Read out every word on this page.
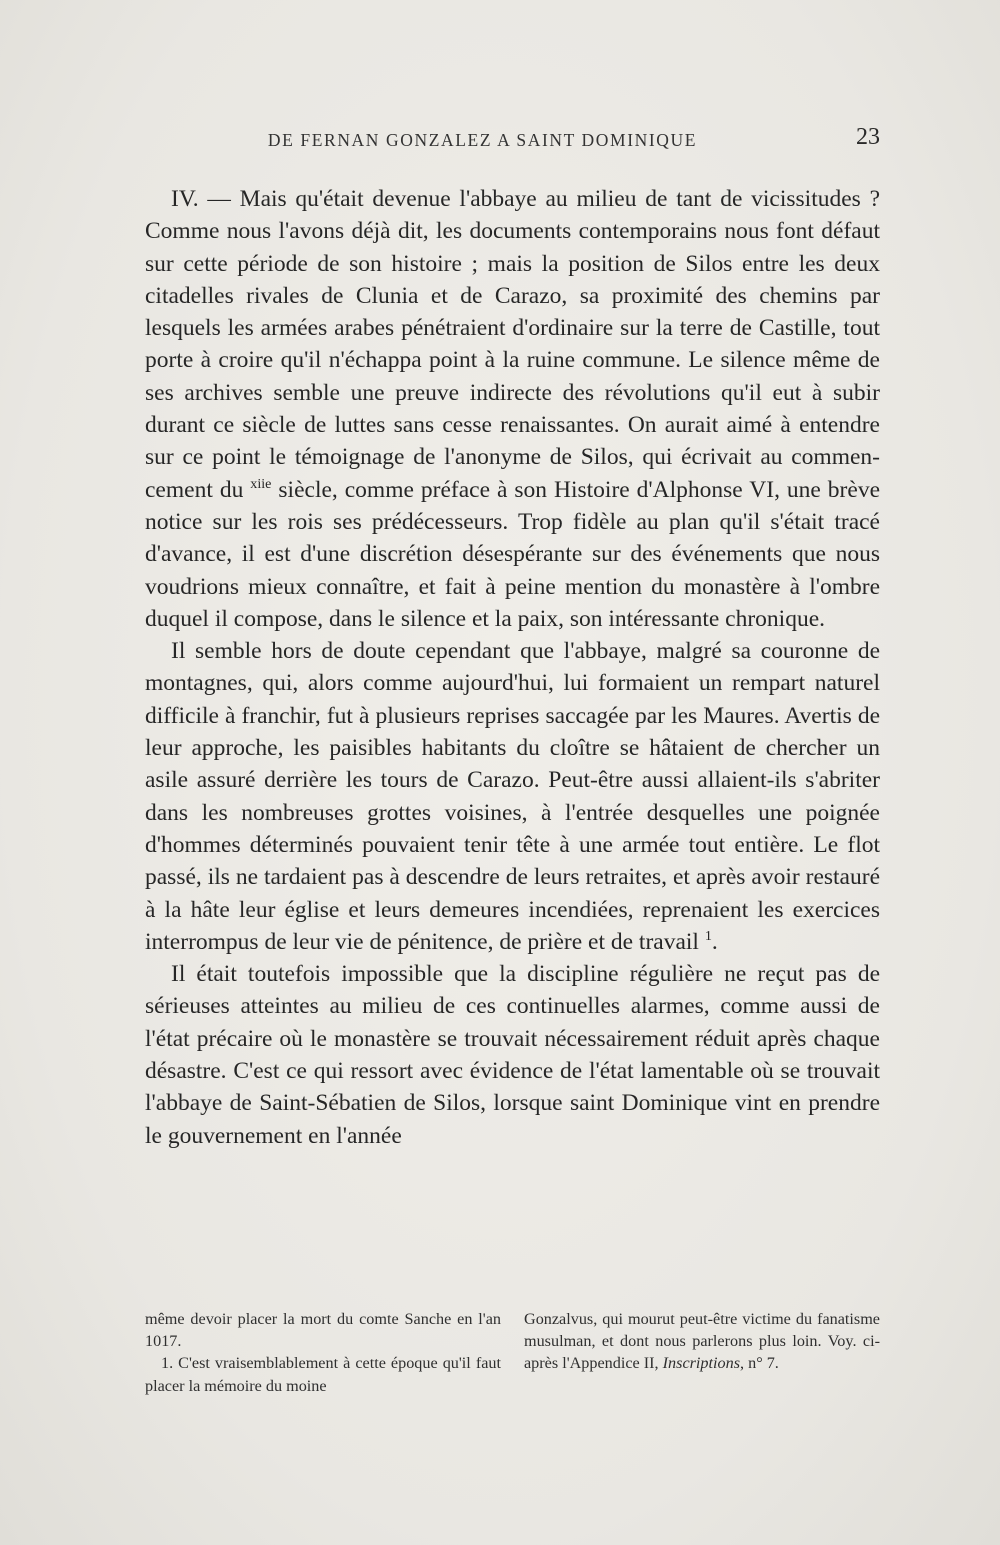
DE FERNAN GONZALEZ A SAINT DOMINIQUE	23

IV. — Mais qu'était devenue l'abbaye au milieu de tant de vicissitudes ? Comme nous l'avons déjà dit, les documents contemporains nous font défaut sur cette période de son histoire ; mais la position de Silos entre les deux citadelles rivales de Clunia et de Carazo, sa proximité des chemins par lesquels les armées arabes pénétraient d'ordinaire sur la terre de Castille, tout porte à croire qu'il n'échappa point à la ruine commune. Le silence même de ses archives semble une preuve indirecte des révolutions qu'il eut à subir durant ce siècle de luttes sans cesse renaissantes. On aurait aimé à entendre sur ce point le témoignage de l'anonyme de Silos, qui écrivait au commencement du $^{xiie}$ siècle, comme préface à son Histoire d'Alphonse VI, une brève notice sur les rois ses prédécesseurs. Trop fidèle au plan qu'il s'était tracé d'avance, il est d'une discrétion désespérante sur des événements que nous voudrions mieux connaître, et fait à peine mention du monastère à l'ombre duquel il compose, dans le silence et la paix, son intéressante chronique.

Il semble hors de doute cependant que l'abbaye, malgré sa couronne de montagnes, qui, alors comme aujourd'hui, lui formaient un rempart naturel difficile à franchir, fut à plusieurs reprises saccagée par les Maures. Avertis de leur approche, les paisibles habitants du cloître se hâtaient de chercher un asile assuré derrière les tours de Carazo. Peut-être aussi allaient-ils s'abriter dans les nombreuses grottes voisines, à l'entrée desquelles une poignée d'hommes déterminés pouvaient tenir tête à une armée tout entière. Le flot passé, ils ne tardaient pas à descendre de leurs retraites, et après avoir restauré à la hâte leur église et leurs demeures incendiées, reprenaient les exercices interrompus de leur vie de pénitence, de prière et de travail $^1$.

Il était toutefois impossible que la discipline régulière ne reçut pas de sérieuses atteintes au milieu de ces continuelles alarmes, comme aussi de l'état précaire où le monastère se trouvait nécessairement réduit après chaque désastre. C'est ce qui ressort avec évidence de l'état lamentable où se trouvait l'abbaye de Saint-Sébatien de Silos, lorsque saint Dominique vint en prendre le gouvernement en l'année

même devoir placer la mort du comte Sanche en l'an 1017.

1. C'est vraisemblablement à cette époque qu'il faut placer la mémoire du moine

Gonzalvus, qui mourut peut-être victime du fanatisme musulman, et dont nous parlerons plus loin. Voy. ci-après l'Appendice II, Inscriptions, n° 7.
